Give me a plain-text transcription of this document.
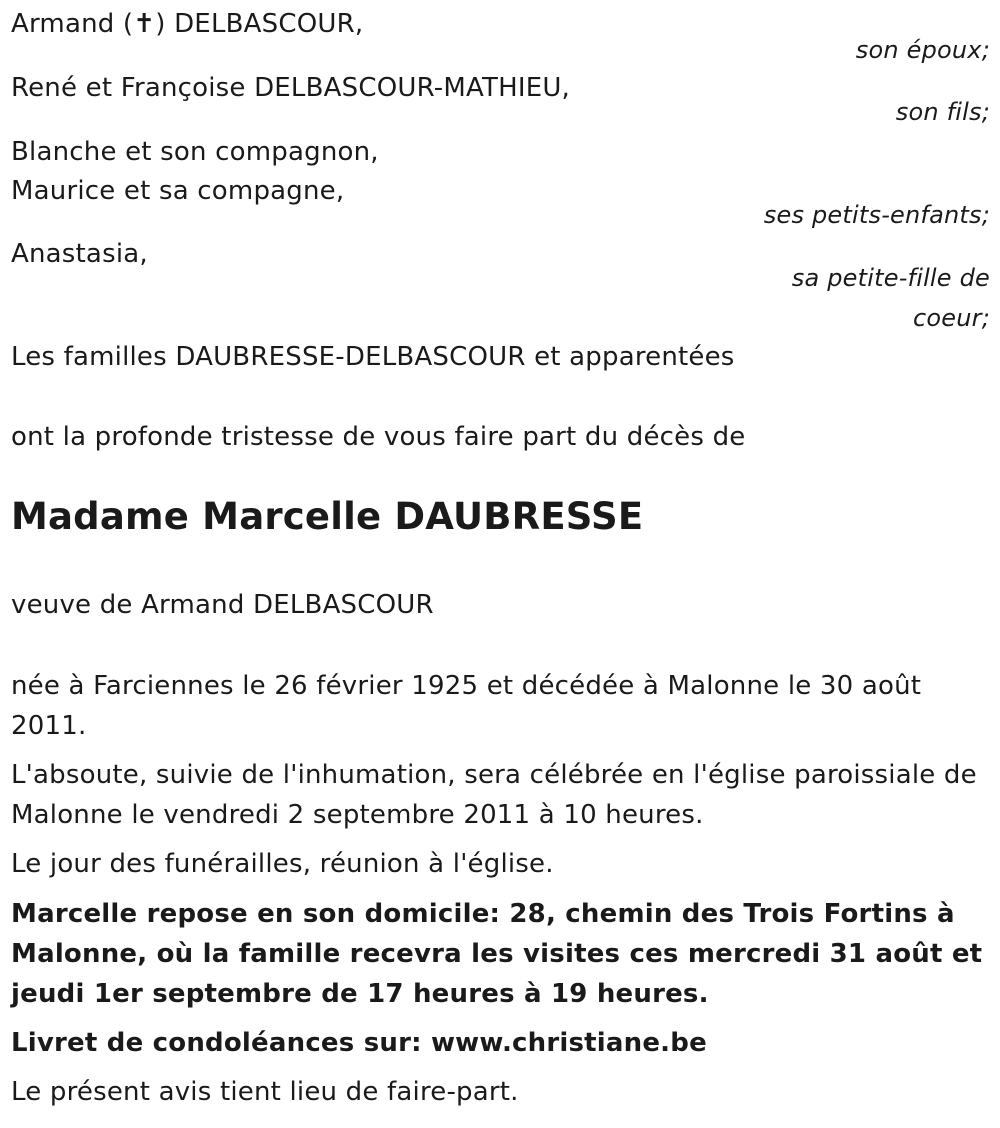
Armand (✝) DELBASCOUR,
son époux;
René et Françoise DELBASCOUR-MATHIEU,
son fils;
Blanche et son compagnon,
Maurice et sa compagne,
ses petits-enfants;
Anastasia,
sa petite-fille de
coeur;
Les familles DAUBRESSE-DELBASCOUR et apparentées
ont la profonde tristesse de vous faire part du décès de
Madame Marcelle DAUBRESSE
veuve de Armand DELBASCOUR
née à Farciennes le 26 février 1925 et décédée à Malonne le 30 août 2011.
L'absoute, suivie de l'inhumation, sera célébrée en l'église paroissiale de Malonne le vendredi 2 septembre 2011 à 10 heures.
Le jour des funérailles, réunion à l'église.
Marcelle repose en son domicile: 28, chemin des Trois Fortins à Malonne, où la famille recevra les visites ces mercredi 31 août et jeudi 1er septembre de 17 heures à 19 heures.
Livret de condoléances sur: www.christiane.be
Le présent avis tient lieu de faire-part.
